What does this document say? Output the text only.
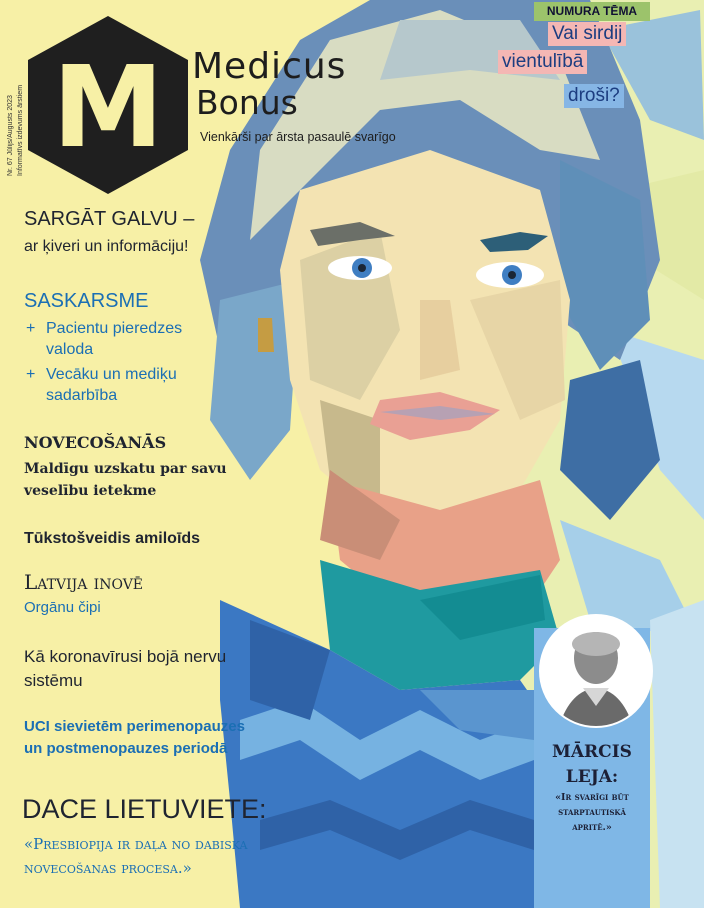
Nr. 67 Jūlijs/Augusts 2023 Informatīvs izdevums ārstiem M Medicus
Bonus
Vienkārši par ārsta pasaulē svarīgo
NUMURA TĒMA
Vai sirdij
vientulībā
droši?
SARGĀT GALVU –
ar ķiveri un informāciju!
SASKARSME
+ Pacientu pieredzes valoda
+ Vecāku un mediķu sadarbība
NOVECOŠANĀS
Maldīgu uzskatu par savu veselību ietekme
Tūkstošveidis amiloīds
Latvija inovē
Orgānu čipi
Kā koronavīrusi bojā nervu sistēmu
UCI sievietēm perimenopauzes un postmenopauzes periodā
DACE LIETUVIETE:
«Presbiopija ir daļa no dabiska novecošanas procesa.»
MĀRCIS
LEJA:
«Ir svarīgi būt starptautiskā apritē.»
